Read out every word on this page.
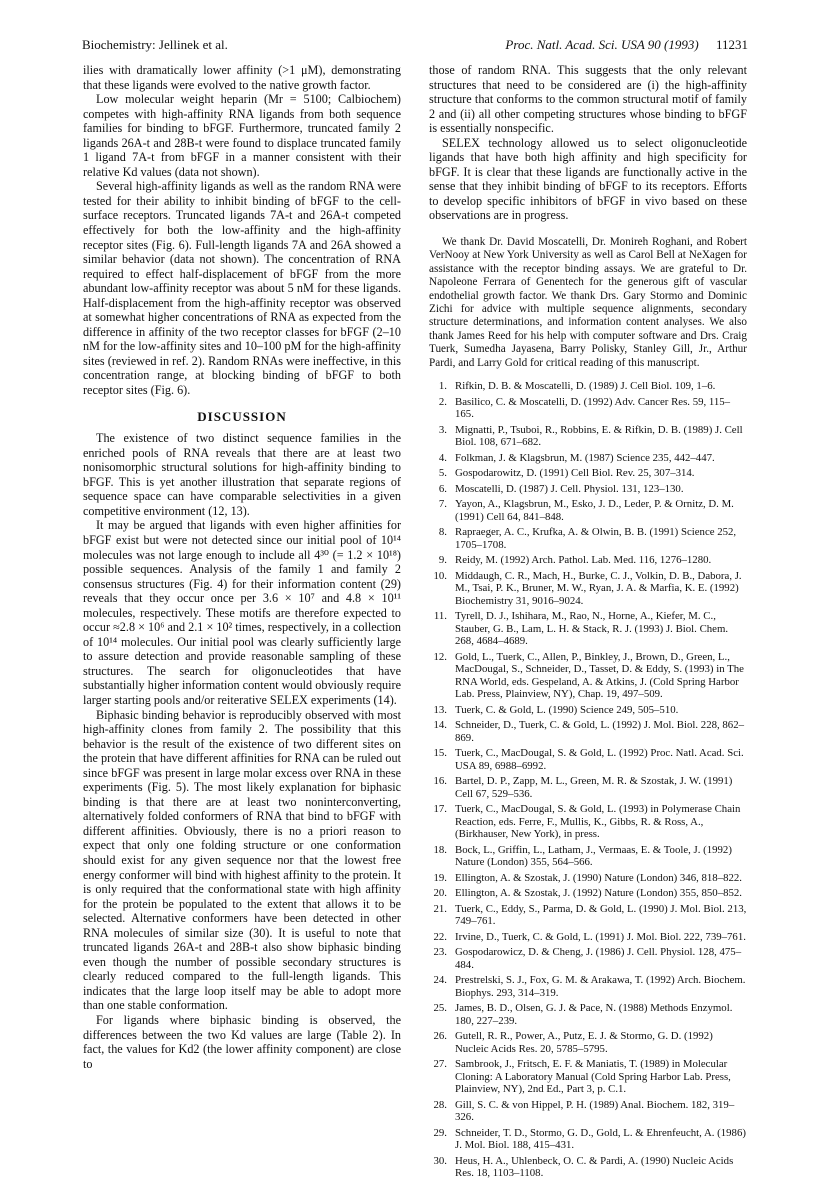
Biochemistry: Jellinek et al.	Proc. Natl. Acad. Sci. USA 90 (1993) 11231

ilies with dramatically lower affinity (>1 μM), demonstrating that these ligands were evolved to the native growth factor.

Low molecular weight heparin (Mr = 5100; Calbiochem) competes with high-affinity RNA ligands from both sequence families for binding to bFGF. Furthermore, truncated family 2 ligands 26A-t and 28B-t were found to displace truncated family 1 ligand 7A-t from bFGF in a manner consistent with their relative Kd values (data not shown).

Several high-affinity ligands as well as the random RNA were tested for their ability to inhibit binding of bFGF to the cell-surface receptors. Truncated ligands 7A-t and 26A-t competed effectively for both the low-affinity and the high-affinity receptor sites (Fig. 6). Full-length ligands 7A and 26A showed a similar behavior (data not shown). The concentration of RNA required to effect half-displacement of bFGF from the more abundant low-affinity receptor was about 5 nM for these ligands. Half-displacement from the high-affinity receptor was observed at somewhat higher concentrations of RNA as expected from the difference in affinity of the two receptor classes for bFGF (2–10 nM for the low-affinity sites and 10–100 pM for the high-affinity sites (reviewed in ref. 2). Random RNAs were ineffective, in this concentration range, at blocking binding of bFGF to both receptor sites (Fig. 6).

DISCUSSION

The existence of two distinct sequence families in the enriched pools of RNA reveals that there are at least two nonisomorphic structural solutions for high-affinity binding to bFGF. This is yet another illustration that separate regions of sequence space can have comparable selectivities in a given competitive environment (12, 13).

It may be argued that ligands with even higher affinities for bFGF exist but were not detected since our initial pool of 10¹⁴ molecules was not large enough to include all 4³⁰ (= 1.2 × 10¹⁸) possible sequences. Analysis of the family 1 and family 2 consensus structures (Fig. 4) for their information content (29) reveals that they occur once per 3.6 × 10⁷ and 4.8 × 10¹¹ molecules, respectively. These motifs are therefore expected to occur ≈2.8 × 10⁶ and 2.1 × 10² times, respectively, in a collection of 10¹⁴ molecules. Our initial pool was clearly sufficiently large to assure detection and provide reasonable sampling of these structures. The search for oligonucleotides that have substantially higher information content would obviously require larger starting pools and/or reiterative SELEX experiments (14).

Biphasic binding behavior is reproducibly observed with most high-affinity clones from family 2. The possibility that this behavior is the result of the existence of two different sites on the protein that have different affinities for RNA can be ruled out since bFGF was present in large molar excess over RNA in these experiments (Fig. 5). The most likely explanation for biphasic binding is that there are at least two noninterconverting, alternatively folded conformers of RNA that bind to bFGF with different affinities. Obviously, there is no a priori reason to expect that only one folding structure or one conformation should exist for any given sequence nor that the lowest free energy conformer will bind with highest affinity to the protein. It is only required that the conformational state with high affinity for the protein be populated to the extent that allows it to be selected. Alternative conformers have been detected in other RNA molecules of similar size (30). It is useful to note that truncated ligands 26A-t and 28B-t also show biphasic binding even though the number of possible secondary structures is clearly reduced compared to the full-length ligands. This indicates that the large loop itself may be able to adopt more than one stable conformation.

For ligands where biphasic binding is observed, the differences between the two Kd values are large (Table 2). In fact, the values for Kd2 (the lower affinity component) are close to

those of random RNA. This suggests that the only relevant structures that need to be considered are (i) the high-affinity structure that conforms to the common structural motif of family 2 and (ii) all other competing structures whose binding to bFGF is essentially nonspecific.

SELEX technology allowed us to select oligonucleotide ligands that have both high affinity and high specificity for bFGF. It is clear that these ligands are functionally active in the sense that they inhibit binding of bFGF to its receptors. Efforts to develop specific inhibitors of bFGF in vivo based on these observations are in progress.

We thank Dr. David Moscatelli, Dr. Monireh Roghani, and Robert VerNooy at New York University as well as Carol Bell at NeXagen for assistance with the receptor binding assays. We are grateful to Dr. Napoleone Ferrara of Genentech for the generous gift of vascular endothelial growth factor. We thank Drs. Gary Stormo and Dominic Zichi for advice with multiple sequence alignments, secondary structure determinations, and information content analyses. We also thank James Reed for his help with computer software and Drs. Craig Tuerk, Sumedha Jayasena, Barry Polisky, Stanley Gill, Jr., Arthur Pardi, and Larry Gold for critical reading of this manuscript.

1. Rifkin, D. B. & Moscatelli, D. (1989) J. Cell Biol. 109, 1–6.
2. Basilico, C. & Moscatelli, D. (1992) Adv. Cancer Res. 59, 115–165.
3. Mignatti, P., Tsuboi, R., Robbins, E. & Rifkin, D. B. (1989) J. Cell Biol. 108, 671–682.
4. Folkman, J. & Klagsbrun, M. (1987) Science 235, 442–447.
5. Gospodarowitz, D. (1991) Cell Biol. Rev. 25, 307–314.
6. Moscatelli, D. (1987) J. Cell. Physiol. 131, 123–130.
7. Yayon, A., Klagsbrun, M., Esko, J. D., Leder, P. & Ornitz, D. M. (1991) Cell 64, 841–848.
8. Rapraeger, A. C., Krufka, A. & Olwin, B. B. (1991) Science 252, 1705–1708.
9. Reidy, M. (1992) Arch. Pathol. Lab. Med. 116, 1276–1280.
10. Middaugh, C. R., Mach, H., Burke, C. J., Volkin, D. B., Dabora, J. M., Tsai, P. K., Bruner, M. W., Ryan, J. A. & Marfia, K. E. (1992) Biochemistry 31, 9016–9024.
11. Tyrell, D. J., Ishihara, M., Rao, N., Horne, A., Kiefer, M. C., Stauber, G. B., Lam, L. H. & Stack, R. J. (1993) J. Biol. Chem. 268, 4684–4689.
12. Gold, L., Tuerk, C., Allen, P., Binkley, J., Brown, D., Green, L., MacDougal, S., Schneider, D., Tasset, D. & Eddy, S. (1993) in The RNA World, eds. Gespeland, A. & Atkins, J. (Cold Spring Harbor Lab. Press, Plainview, NY), Chap. 19, 497–509.
13. Tuerk, C. & Gold, L. (1990) Science 249, 505–510.
14. Schneider, D., Tuerk, C. & Gold, L. (1992) J. Mol. Biol. 228, 862–869.
15. Tuerk, C., MacDougal, S. & Gold, L. (1992) Proc. Natl. Acad. Sci. USA 89, 6988–6992.
16. Bartel, D. P., Zapp, M. L., Green, M. R. & Szostak, J. W. (1991) Cell 67, 529–536.
17. Tuerk, C., MacDougal, S. & Gold, L. (1993) in Polymerase Chain Reaction, eds. Ferre, F., Mullis, K., Gibbs, R. & Ross, A., (Birkhauser, New York), in press.
18. Bock, L., Griffin, L., Latham, J., Vermaas, E. & Toole, J. (1992) Nature (London) 355, 564–566.
19. Ellington, A. & Szostak, J. (1990) Nature (London) 346, 818–822.
20. Ellington, A. & Szostak, J. (1992) Nature (London) 355, 850–852.
21. Tuerk, C., Eddy, S., Parma, D. & Gold, L. (1990) J. Mol. Biol. 213, 749–761.
22. Irvine, D., Tuerk, C. & Gold, L. (1991) J. Mol. Biol. 222, 739–761.
23. Gospodarowicz, D. & Cheng, J. (1986) J. Cell. Physiol. 128, 475–484.
24. Prestrelski, S. J., Fox, G. M. & Arakawa, T. (1992) Arch. Biochem. Biophys. 293, 314–319.
25. James, B. D., Olsen, G. J. & Pace, N. (1988) Methods Enzymol. 180, 227–239.
26. Gutell, R. R., Power, A., Putz, E. J. & Stormo, G. D. (1992) Nucleic Acids Res. 20, 5785–5795.
27. Sambrook, J., Fritsch, E. F. & Maniatis, T. (1989) in Molecular Cloning: A Laboratory Manual (Cold Spring Harbor Lab. Press, Plainview, NY), 2nd Ed., Part 3, p. C.1.
28. Gill, S. C. & von Hippel, P. H. (1989) Anal. Biochem. 182, 319–326.
29. Schneider, T. D., Stormo, G. D., Gold, L. & Ehrenfeucht, A. (1986) J. Mol. Biol. 188, 415–431.
30. Heus, H. A., Uhlenbeck, O. C. & Pardi, A. (1990) Nucleic Acids Res. 18, 1103–1108.
